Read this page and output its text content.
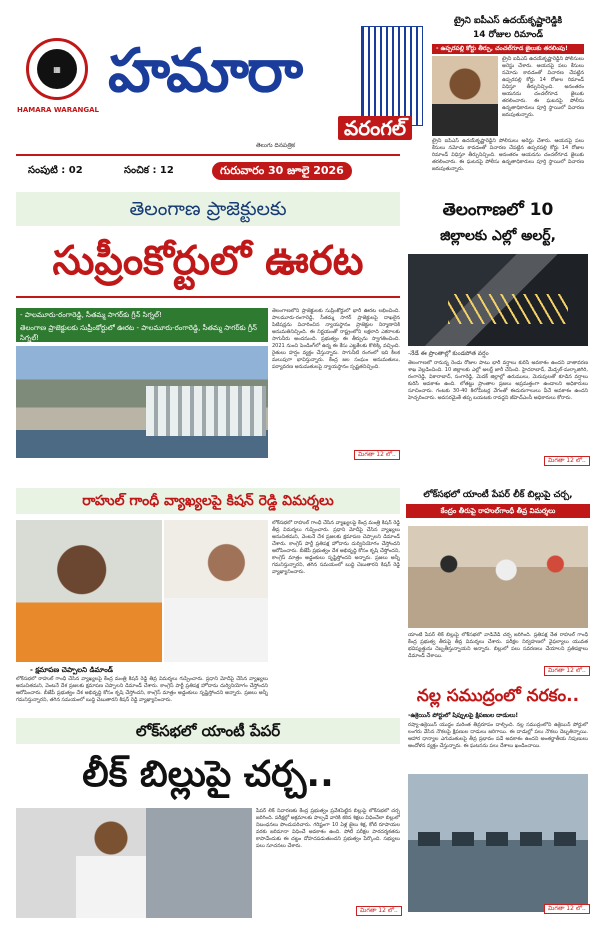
▦
HAMARA WARANGAL
హమారా
వరంగల్
తెలుగు దినపత్రిక
సంపుటి : 02	సంచిక : 12	గురువారం 30 జూలై 2026
ట్రైని ఐపీఎస్ ఉదయ్‌కృష్ణారెడ్డికి
14 రోజుల రిమాండ్
- ఉప్పరపల్లి కోర్టు తీర్పు, చంచల్‌గూడ జైలుకు తరలింపు!
ట్రైనీ ఐపీఎస్ ఉదయ్‌కృష్ణారెడ్డిని పోలీసులు అరెస్టు చేశారు. ఆయనపై పలు కేసులు నమోదు కావడంతో విచారణ చేపట్టిన ఉప్పరపల్లి కోర్టు 14 రోజుల రిమాండ్ విధిస్తూ తీర్పునిచ్చింది. అనంతరం ఆయనను చంచల్‌గూడ జైలుకు తరలించారు. ఈ ఘటనపై పోలీసు ఉన్నతాధికారులు పూర్తి స్థాయిలో విచారణ జరుపుతున్నారు.
ట్రైనీ ఐపీఎస్ ఉదయ్‌కృష్ణారెడ్డిని పోలీసులు అరెస్టు చేశారు. ఆయనపై పలు కేసులు నమోదు కావడంతో విచారణ చేపట్టిన ఉప్పరపల్లి కోర్టు 14 రోజుల రిమాండ్ విధిస్తూ తీర్పునిచ్చింది. అనంతరం ఆయనను చంచల్‌గూడ జైలుకు తరలించారు. ఈ ఘటనపై పోలీసు ఉన్నతాధికారులు పూర్తి స్థాయిలో విచారణ జరుపుతున్నారు.
తెలంగాణ ప్రాజెక్టులకు
సుప్రీంకోర్టులో ఊరట
- పాలమూరు-రంగారెడ్డి, సీతమ్మ సాగర్‌కు గ్రీన్ సిగ్నల్!
తెలంగాణ ప్రాజెక్టులకు సుప్రీంకోర్టులో ఊరట - పాలమూరు-రంగారెడ్డి, సీతమ్మ సాగర్‌కు గ్రీన్ సిగ్నల్!
తెలంగాణలోని ప్రాజెక్టులకు సుప్రీంకోర్టులో భారీ ఊరట లభించింది. పాలమూరు-రంగారెడ్డి, సీతమ్మ సాగర్ ప్రాజెక్టులపై దాఖలైన పిటిషన్లను విచారించిన న్యాయస్థానం ప్రాజెక్టుల నిర్మాణానికి అనుమతినిచ్చింది. ఈ నిర్ణయంతో రాష్ట్రంలోని లక్షలాది ఎకరాలకు సాగునీరు అందనుంది. ప్రభుత్వం ఈ తీర్పును స్వాగతించింది. 2021 నుంచి పెండింగ్‌లో ఉన్న ఈ కేసు ఎట్టకేలకు కొలిక్కి వచ్చింది. రైతులు హర్షం వ్యక్తం చేస్తున్నారు. సాగునీటి రంగంలో ఇది కీలక మలుపుగా భావిస్తున్నారు. కేంద్ర జల సంఘం అనుమతులు, పర్యావరణ అనుమతులపై న్యాయస్థానం స్పష్టతనిచ్చింది.
మిగతా 12 లో..
తెలంగాణలో 10
జిల్లాలకు ఎల్లో అలర్ట్,
-నేడే ఈ ప్రాంతాల్లో కుండపోత వర్షం
తెలంగాణలో రానున్న రెండు రోజుల పాటు భారీ వర్షాలు కురిసే అవకాశం ఉందని వాతావరణ శాఖ వెల్లడించింది. 10 జిల్లాలకు ఎల్లో అలర్ట్ జారీ చేసింది. హైదరాబాద్, మేడ్చల్-మల్కాజిగిరి, రంగారెడ్డి, వికారాబాద్, సంగారెడ్డి, మెదక్ జిల్లాల్లో ఉరుములు, మెరుపులతో కూడిన వర్షాలు కురిసే అవకాశం ఉంది. లోతట్టు ప్రాంతాల ప్రజలు అప్రమత్తంగా ఉండాలని అధికారులు సూచించారు. గంటకు 30-40 కిలోమీటర్ల వేగంతో ఈదురుగాలులు వీచే అవకాశం ఉందని హెచ్చరించారు. అవసరమైతే తప్ప బయటకు రావద్దని జీహెచ్ఎంసీ అధికారులు కోరారు.
మిగతా 12 లో..
రాహుల్ గాంధీ వ్యాఖ్యలపై కిషన్ రెడ్డి విమర్శలు
లోక్‌సభలో రాహుల్ గాంధీ చేసిన వ్యాఖ్యలపై కేంద్ర మంత్రి కిషన్ రెడ్డి తీవ్ర విమర్శలు గుప్పించారు. ప్రధాని మోదీపై చేసిన వ్యాఖ్యలు అనుచితమని, వెంటనే దేశ ప్రజలకు క్షమాపణ చెప్పాలని డిమాండ్ చేశారు. కాంగ్రెస్ పార్టీ ప్రతిపక్ష హోదాను దుర్వినియోగం చేస్తోందని ఆరోపించారు. బీజేపీ ప్రభుత్వం దేశ అభివృద్ధి కోసం కృషి చేస్తోందని, కాంగ్రెస్ మాత్రం అడ్డంకులు సృష్టిస్తోందని అన్నారు. ప్రజలు అన్నీ గమనిస్తున్నారని, తగిన సమయంలో బుద్ధి చెబుతారని కిషన్ రెడ్డి వ్యాఖ్యానించారు.
- క్షమాపణ చెప్పాలని డిమాండ్
లోక్‌సభలో రాహుల్ గాంధీ చేసిన వ్యాఖ్యలపై కేంద్ర మంత్రి కిషన్ రెడ్డి తీవ్ర విమర్శలు గుప్పించారు. ప్రధాని మోదీపై చేసిన వ్యాఖ్యలు అనుచితమని, వెంటనే దేశ ప్రజలకు క్షమాపణ చెప్పాలని డిమాండ్ చేశారు. కాంగ్రెస్ పార్టీ ప్రతిపక్ష హోదాను దుర్వినియోగం చేస్తోందని ఆరోపించారు. బీజేపీ ప్రభుత్వం దేశ అభివృద్ధి కోసం కృషి చేస్తోందని, కాంగ్రెస్ మాత్రం అడ్డంకులు సృష్టిస్తోందని అన్నారు. ప్రజలు అన్నీ గమనిస్తున్నారని, తగిన సమయంలో బుద్ధి చెబుతారని కిషన్ రెడ్డి వ్యాఖ్యానించారు.
లోక్‌సభలో యాంటీ పేపర్ లీక్ బిల్లుపై చర్చ,
కేంద్రం తీరుపై రాహుల్‌గాంధీ తీవ్ర విమర్శలు
యాంటీ పేపర్ లీక్ బిల్లుపై లోక్‌సభలో వాడీవేడి చర్చ జరిగింది. ప్రతిపక్ష నేత రాహుల్ గాంధీ కేంద్ర ప్రభుత్వ తీరుపై తీవ్ర విమర్శలు చేశారు. పరీక్షల నిర్వహణలో వైఫల్యాలు యువత భవిష్యత్తును దెబ్బతీస్తున్నాయని అన్నారు. బిల్లులో పలు సవరణలు చేయాలని ప్రతిపక్షాలు డిమాండ్ చేశాయి.
మిగతా 12 లో..
నల్ల సముద్రంలో నరకం..
-ఉక్రెయిన్ పోర్టులో షిప్పులపై క్షిపణుల దాడులు!
రష్యా-ఉక్రెయిన్ యుద్ధం మరింత తీవ్రరూపం దాల్చింది. నల్ల సముద్రంలోని ఉక్రెయిన్ పోర్టులో లంగరు వేసిన నౌకలపై క్షిపణుల దాడులు జరిగాయి. ఈ దాడుల్లో పలు నౌకలు దెబ్బతిన్నాయి. ఆహార ధాన్యాల ఎగుమతులపై తీవ్ర ప్రభావం పడే అవకాశం ఉందని అంతర్జాతీయ నిపుణులు ఆందోళన వ్యక్తం చేస్తున్నారు. ఈ ఘటనను పలు దేశాలు ఖండించాయి.
మిగతా 12 లో..
లోక్‌సభలో యాంటీ పేపర్
లీక్ బిల్లుపై చర్చ..
పేపర్ లీక్ నివారణకు కేంద్ర ప్రభుత్వం ప్రవేశపెట్టిన బిల్లుపై లోక్‌సభలో చర్చ జరిగింది. పరీక్షల్లో అక్రమాలకు పాల్పడే వారికి కఠిన శిక్షలు విధించేలా బిల్లులో నిబంధనలు పొందుపరిచారు. గరిష్టంగా 10 ఏళ్ల జైలు శిక్ష, కోటి రూపాయల వరకు జరిమానా విధించే అవకాశం ఉంది. పోటీ పరీక్షల పారదర్శకతను కాపాడేందుకు ఈ చట్టం దోహదపడుతుందని ప్రభుత్వం పేర్కొంది. సభ్యులు పలు సూచనలు చేశారు.
మిగతా 12 లో..
